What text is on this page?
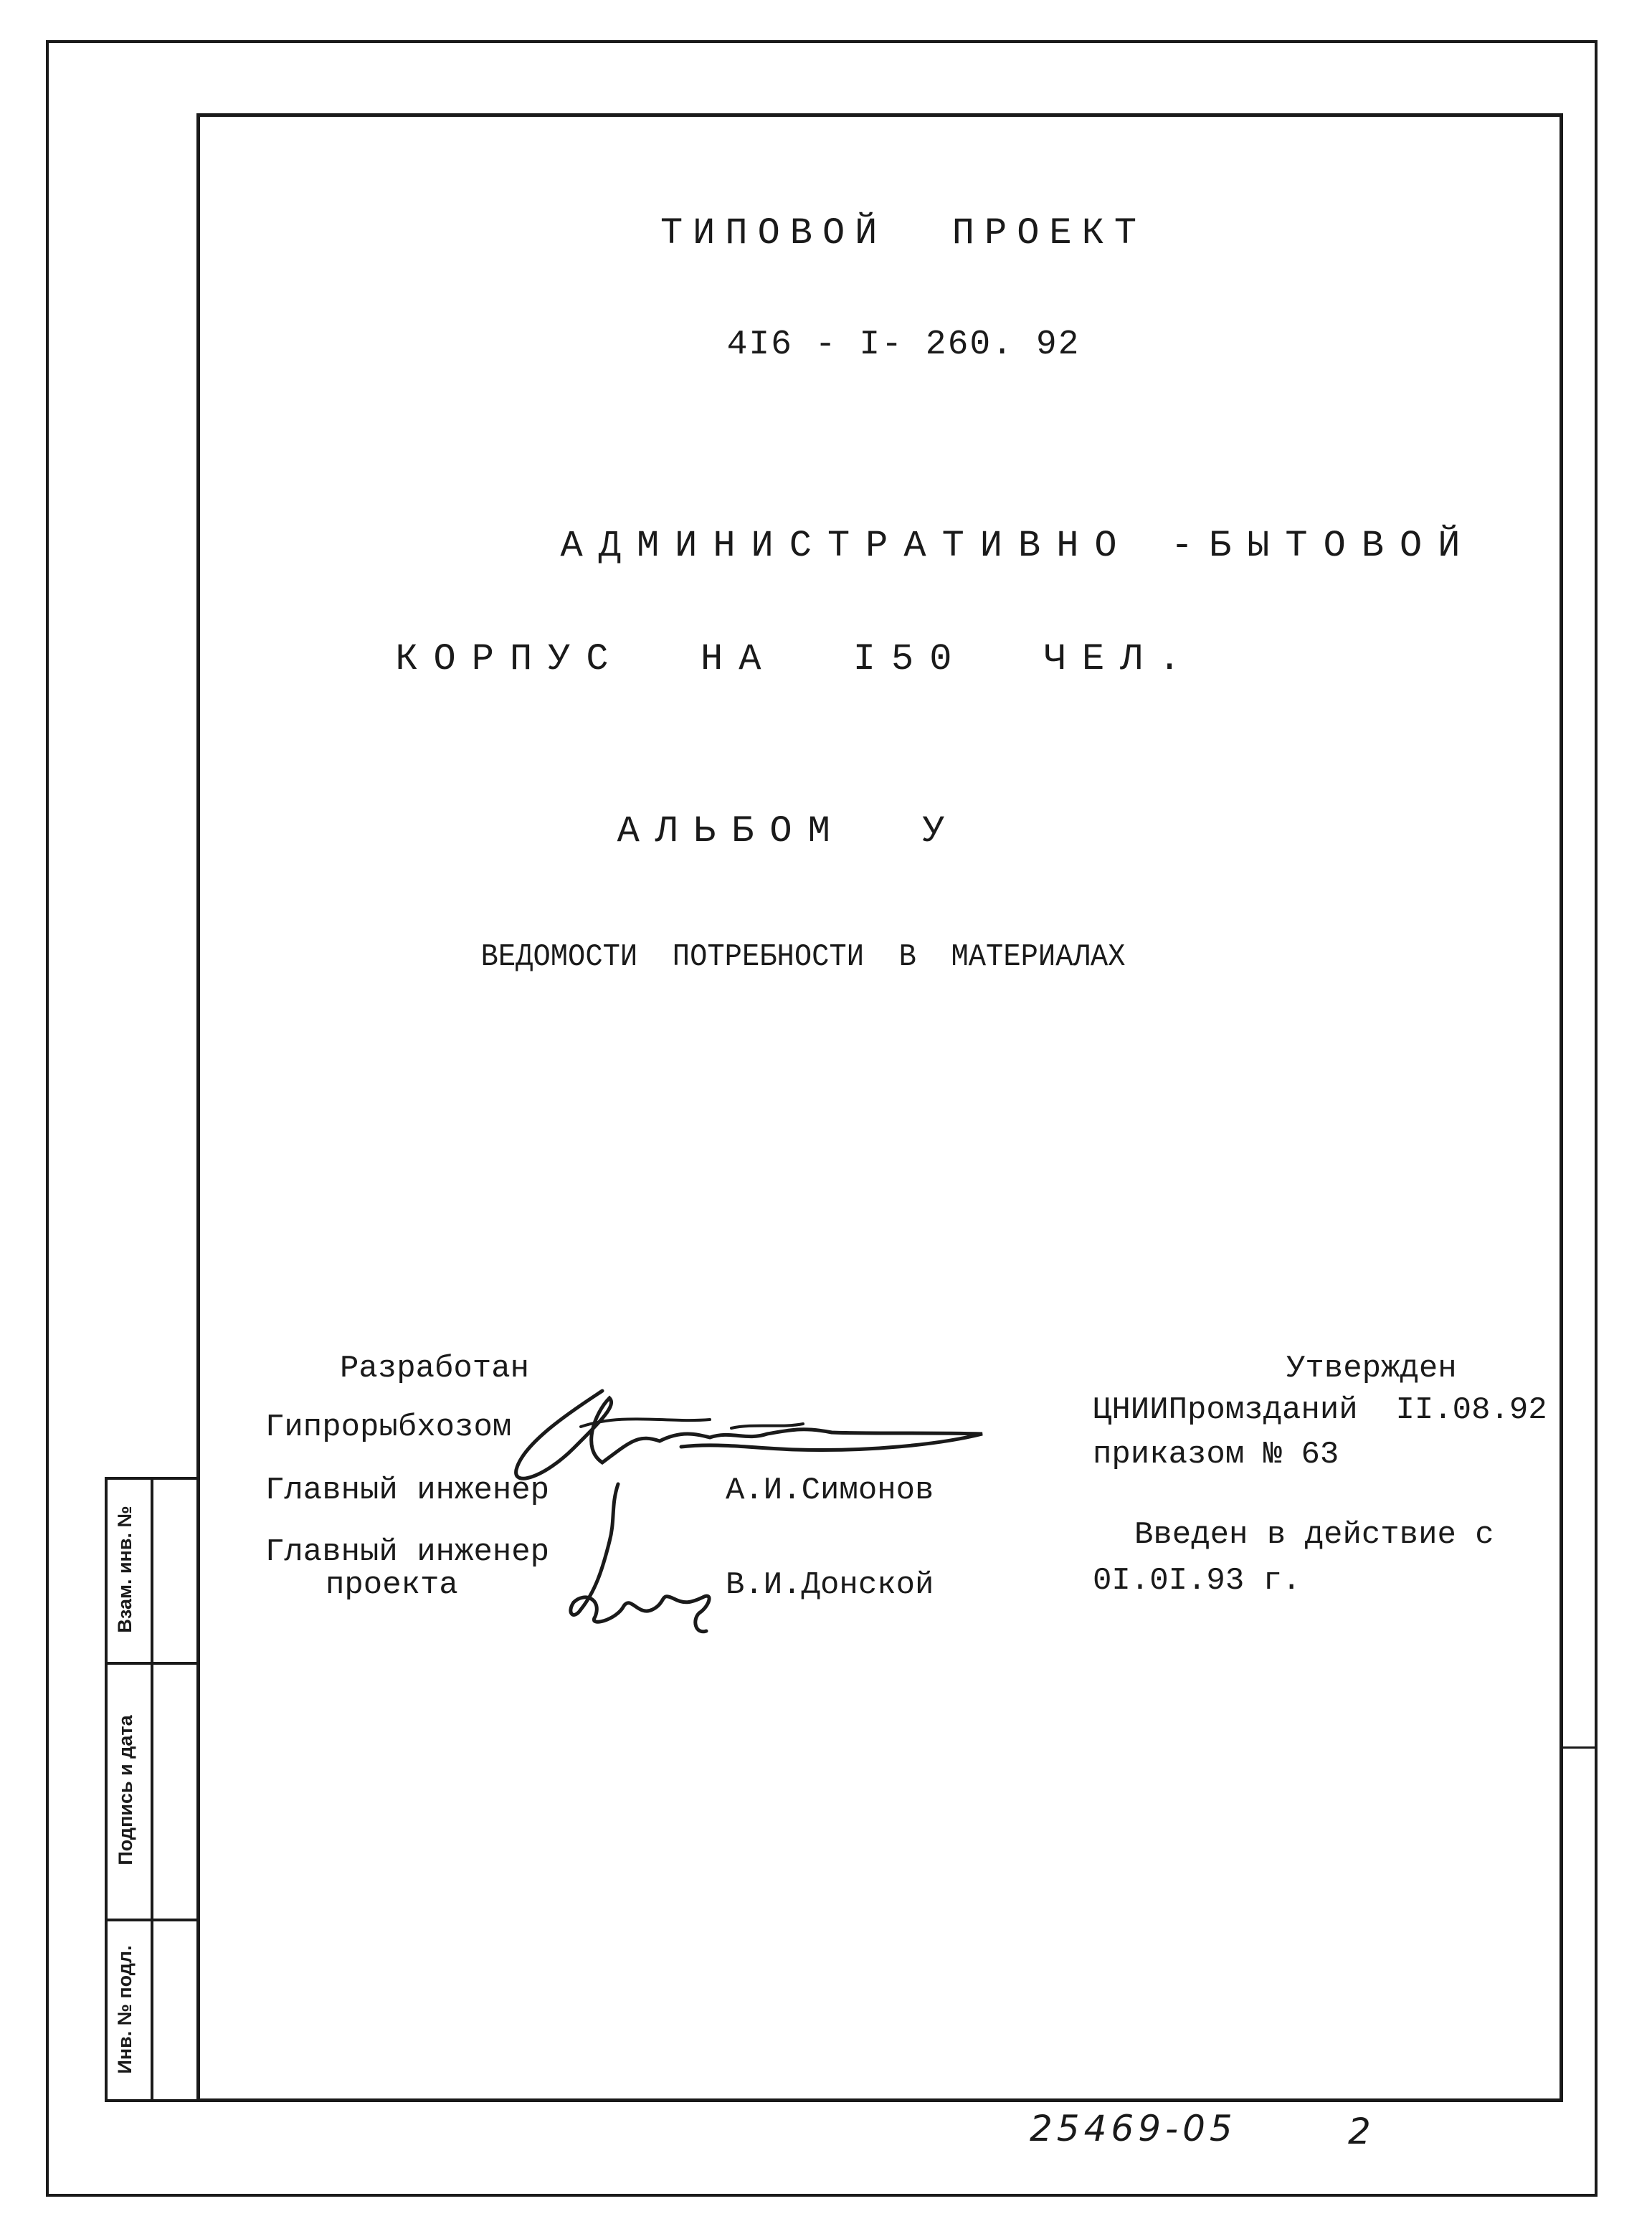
Взам. инв. №
Подпись и дата
Инв. № подл.
ТИПОВОЙ  ПРОЕКТ
4I6 - I- 260. 92
АДМИНИСТРАТИВНО -БЫТОВОЙ
КОРПУС  НА  I50  ЧЕЛ.
АЛЬБОМ  У
ВЕДОМОСТИ  ПОТРЕБНОСТИ  В  МАТЕРИАЛАХ
Разработан
Гипрорыбхозом
Главный инженер	А.И.Симонов
Главный инженер
проекта	В.И.Донской
Утвержден
ЦНИИПромзданий  II.08.92
приказом № 63
Введен в действие с
0I.0I.93 г.
25469-05	2
